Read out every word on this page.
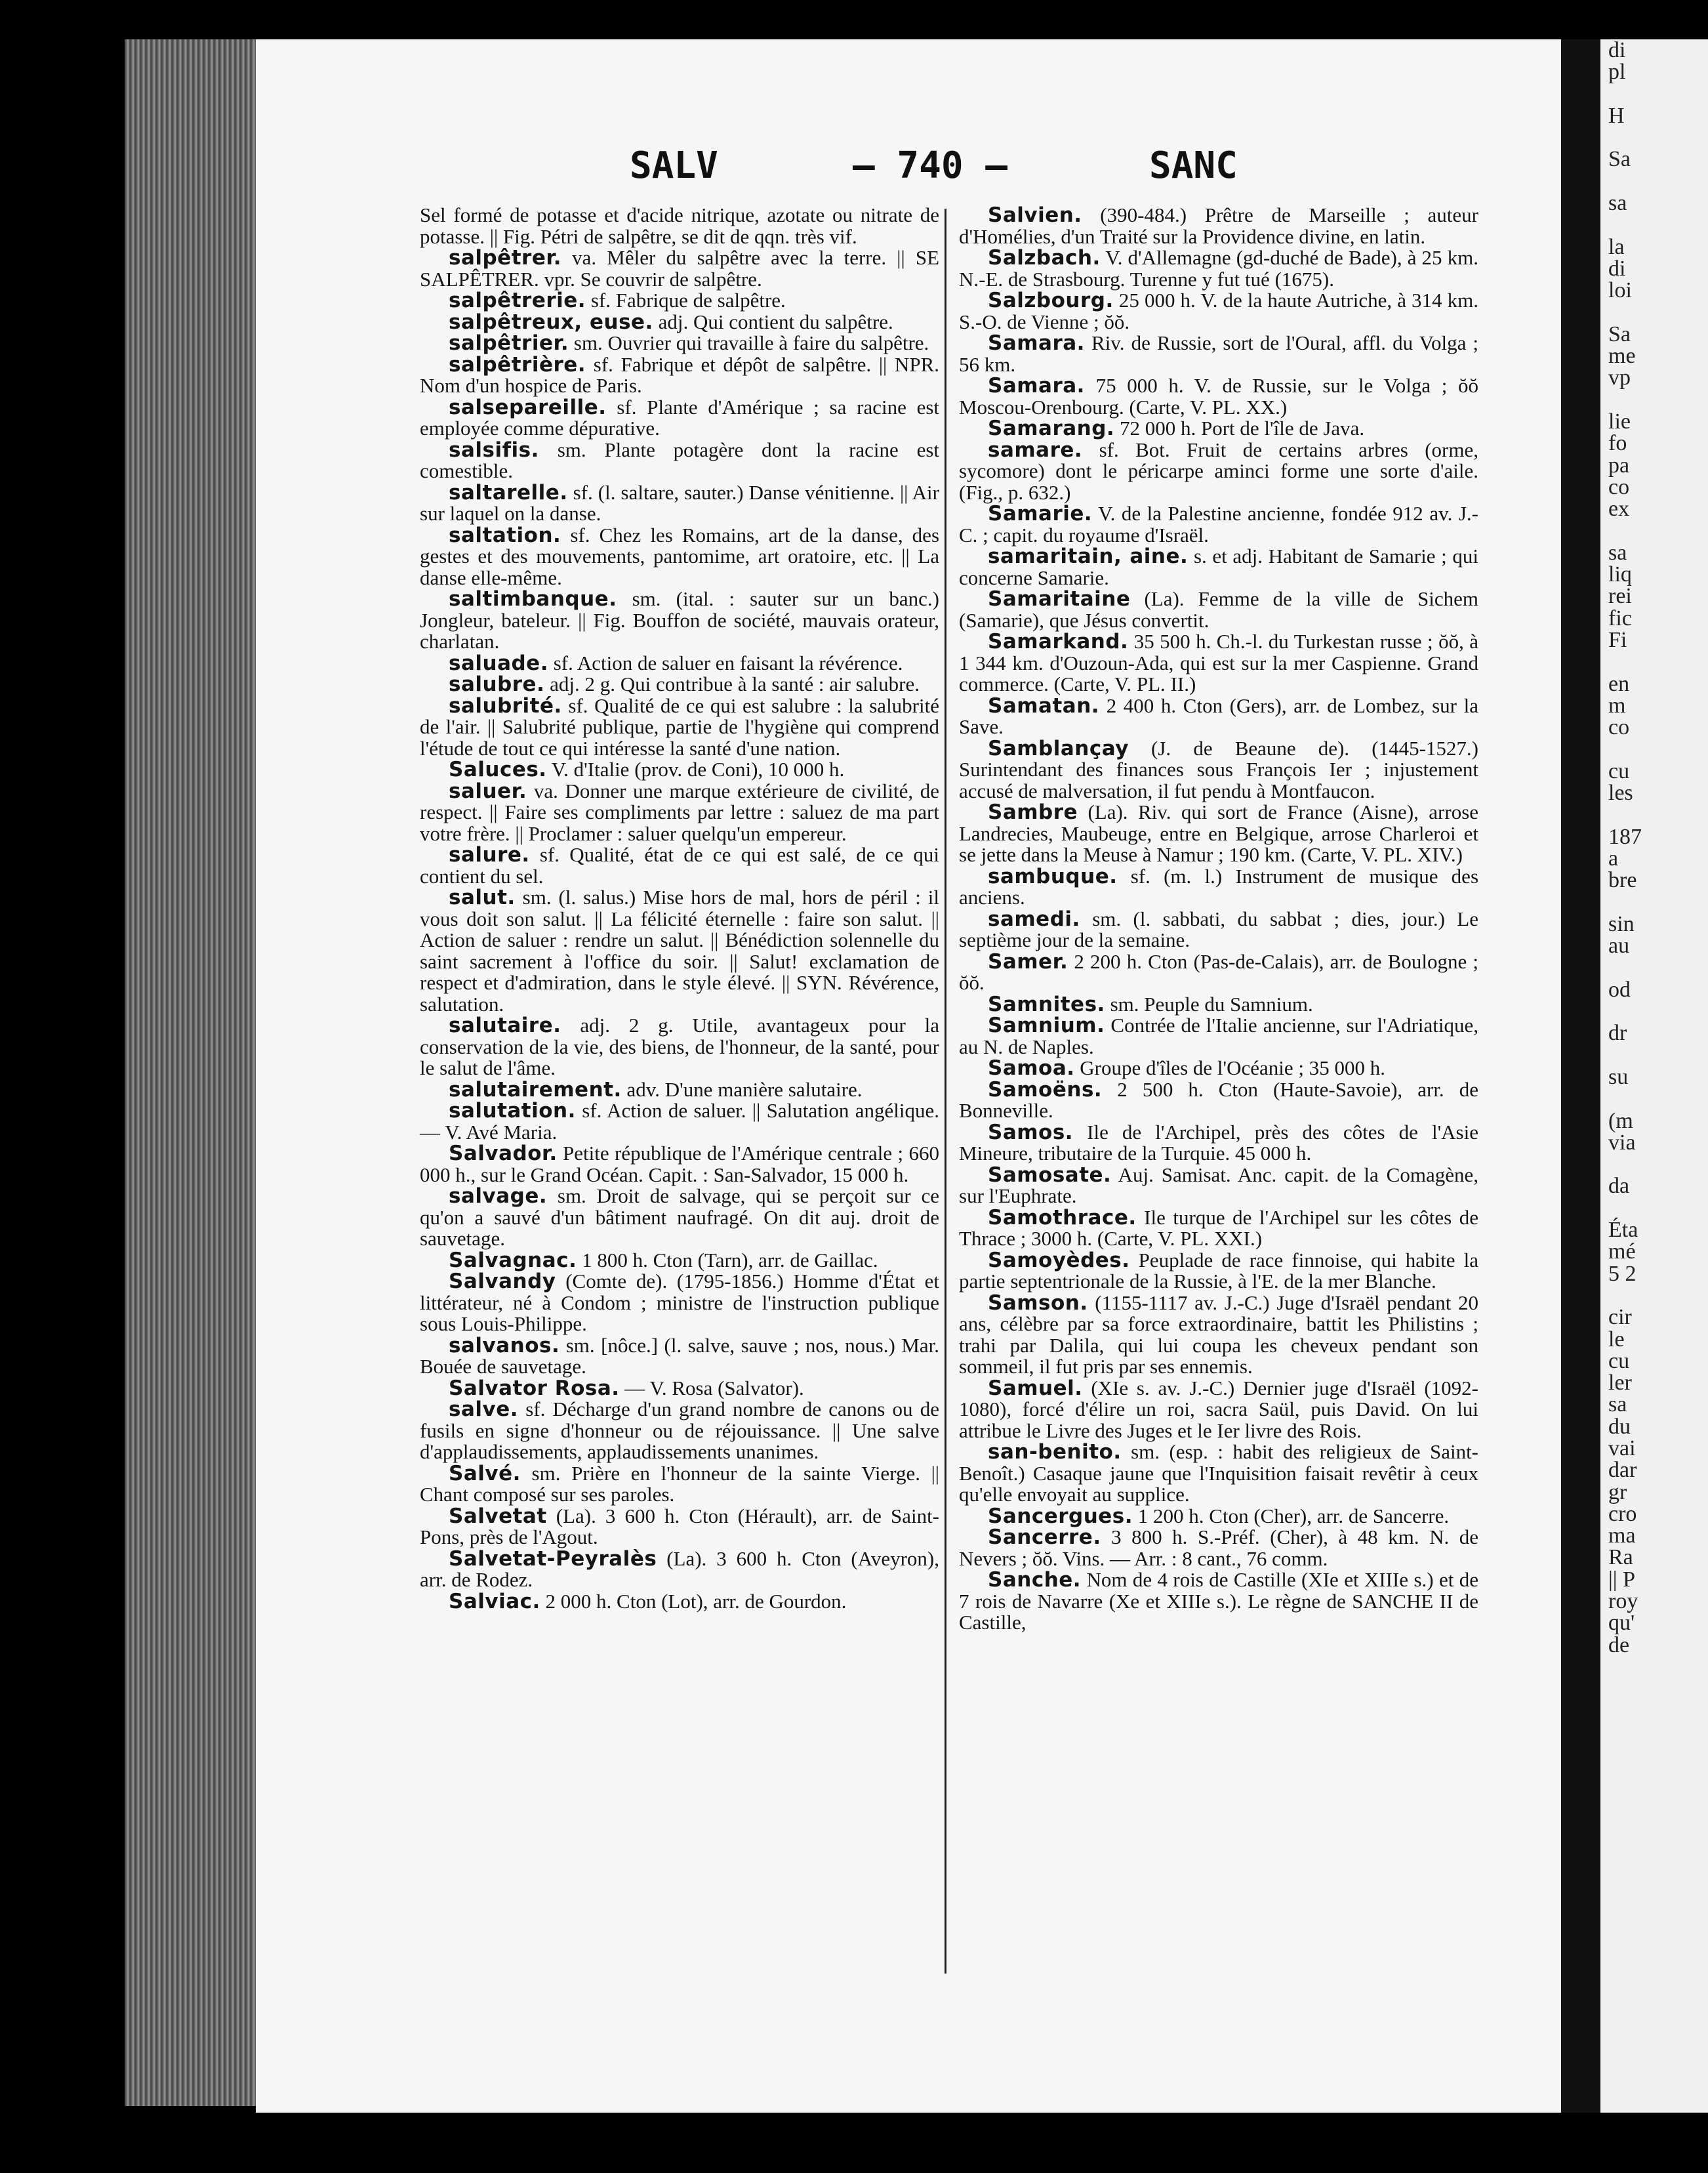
SALV	— 740 —	SANC

Sel formé de potasse et d'acide nitrique, azotate ou nitrate de potasse. || Fig. Pétri de salpêtre, se dit de qqn. très vif.

salpêtrer. va. Mêler du salpêtre avec la terre. || SE SALPÊTRER. vpr. Se couvrir de salpêtre.

salpêtrerie. sf. Fabrique de salpêtre.

salpêtreux, euse. adj. Qui contient du salpêtre.

salpêtrier. sm. Ouvrier qui travaille à faire du salpêtre.

salpêtrière. sf. Fabrique et dépôt de salpêtre. || NPR. Nom d'un hospice de Paris.

salsepareille. sf. Plante d'Amérique ; sa racine est employée comme dépurative.

salsifis. sm. Plante potagère dont la racine est comestible.

saltarelle. sf. (l. saltare, sauter.) Danse vénitienne. || Air sur laquel on la danse.

saltation. sf. Chez les Romains, art de la danse, des gestes et des mouvements, pantomime, art oratoire, etc. || La danse elle-même.

saltimbanque. sm. (ital. : sauter sur un banc.) Jongleur, bateleur. || Fig. Bouffon de société, mauvais orateur, charlatan.

saluade. sf. Action de saluer en faisant la révérence.

salubre. adj. 2 g. Qui contribue à la santé : air salubre.

salubrité. sf. Qualité de ce qui est salubre : la salubrité de l'air. || Salubrité publique, partie de l'hygiène qui comprend l'étude de tout ce qui intéresse la santé d'une nation.

Saluces. V. d'Italie (prov. de Coni), 10 000 h.

saluer. va. Donner une marque extérieure de civilité, de respect. || Faire ses compliments par lettre : saluez de ma part votre frère. || Proclamer : saluer quelqu'un empereur.

salure. sf. Qualité, état de ce qui est salé, de ce qui contient du sel.

salut. sm. (l. salus.) Mise hors de mal, hors de péril : il vous doit son salut. || La félicité éternelle : faire son salut. || Action de saluer : rendre un salut. || Bénédiction solennelle du saint sacrement à l'office du soir. || Salut! exclamation de respect et d'admiration, dans le style élevé. || SYN. Révérence, salutation.

salutaire. adj. 2 g. Utile, avantageux pour la conservation de la vie, des biens, de l'honneur, de la santé, pour le salut de l'âme.

salutairement. adv. D'une manière salutaire.

salutation. sf. Action de saluer. || Salutation angélique. — V. Avé Maria.

Salvador. Petite république de l'Amérique centrale ; 660 000 h., sur le Grand Océan. Capit. : San-Salvador, 15 000 h.

salvage. sm. Droit de salvage, qui se perçoit sur ce qu'on a sauvé d'un bâtiment naufragé. On dit auj. droit de sauvetage.

Salvagnac. 1 800 h. Cton (Tarn), arr. de Gaillac.

Salvandy (Comte de). (1795-1856.) Homme d'État et littérateur, né à Condom ; ministre de l'instruction publique sous Louis-Philippe.

salvanos. sm. [nôce.] (l. salve, sauve ; nos, nous.) Mar. Bouée de sauvetage.

Salvator Rosa. — V. Rosa (Salvator).

salve. sf. Décharge d'un grand nombre de canons ou de fusils en signe d'honneur ou de réjouissance. || Une salve d'applaudissements, applaudissements unanimes.

Salvé. sm. Prière en l'honneur de la sainte Vierge. || Chant composé sur ses paroles.

Salvetat (La). 3 600 h. Cton (Hérault), arr. de Saint-Pons, près de l'Agout.

Salvetat-Peyralès (La). 3 600 h. Cton (Aveyron), arr. de Rodez.

Salviac. 2 000 h. Cton (Lot), arr. de Gourdon.

Salvien. (390-484.) Prêtre de Marseille ; auteur d'Homélies, d'un Traité sur la Providence divine, en latin.

Salzbach. V. d'Allemagne (gd-duché de Bade), à 25 km. N.-E. de Strasbourg. Turenne y fut tué (1675).

Salzbourg. 25 000 h. V. de la haute Autriche, à 314 km. S.-O. de Vienne ; ŏŏ.

Samara. Riv. de Russie, sort de l'Oural, affl. du Volga ; 56 km.

Samara. 75 000 h. V. de Russie, sur le Volga ; ŏŏ Moscou-Orenbourg. (Carte, V. PL. XX.)

Samarang. 72 000 h. Port de l'île de Java.

samare. sf. Bot. Fruit de certains arbres (orme, sycomore) dont le péricarpe aminci forme une sorte d'aile. (Fig., p. 632.)

Samarie. V. de la Palestine ancienne, fondée 912 av. J.-C. ; capit. du royaume d'Israël.

samaritain, aine. s. et adj. Habitant de Samarie ; qui concerne Samarie.

Samaritaine (La). Femme de la ville de Sichem (Samarie), que Jésus convertit.

Samarkand. 35 500 h. Ch.-l. du Turkestan russe ; ŏŏ, à 1 344 km. d'Ouzoun-Ada, qui est sur la mer Caspienne. Grand commerce. (Carte, V. PL. II.)

Samatan. 2 400 h. Cton (Gers), arr. de Lombez, sur la Save.

Samblançay (J. de Beaune de). (1445-1527.) Surintendant des finances sous François Ier ; injustement accusé de malversation, il fut pendu à Montfaucon.

Sambre (La). Riv. qui sort de France (Aisne), arrose Landrecies, Maubeuge, entre en Belgique, arrose Charleroi et se jette dans la Meuse à Namur ; 190 km. (Carte, V. PL. XIV.)

sambuque. sf. (m. l.) Instrument de musique des anciens.

samedi. sm. (l. sabbati, du sabbat ; dies, jour.) Le septième jour de la semaine.

Samer. 2 200 h. Cton (Pas-de-Calais), arr. de Boulogne ; ŏŏ.

Samnites. sm. Peuple du Samnium.

Samnium. Contrée de l'Italie ancienne, sur l'Adriatique, au N. de Naples.

Samoa. Groupe d'îles de l'Océanie ; 35 000 h.

Samoëns. 2 500 h. Cton (Haute-Savoie), arr. de Bonneville.

Samos. Ile de l'Archipel, près des côtes de l'Asie Mineure, tributaire de la Turquie. 45 000 h.

Samosate. Auj. Samisat. Anc. capit. de la Comagène, sur l'Euphrate.

Samothrace. Ile turque de l'Archipel sur les côtes de Thrace ; 3000 h. (Carte, V. PL. XXI.)

Samoyèdes. Peuplade de race finnoise, qui habite la partie septentrionale de la Russie, à l'E. de la mer Blanche.

Samson. (1155-1117 av. J.-C.) Juge d'Israël pendant 20 ans, célèbre par sa force extraordinaire, battit les Philistins ; trahi par Dalila, qui lui coupa les cheveux pendant son sommeil, il fut pris par ses ennemis.

Samuel. (XIe s. av. J.-C.) Dernier juge d'Israël (1092-1080), forcé d'élire un roi, sacra Saül, puis David. On lui attribue le Livre des Juges et le Ier livre des Rois.

san-benito. sm. (esp. : habit des religieux de Saint-Benoît.) Casaque jaune que l'Inquisition faisait revêtir à ceux qu'elle envoyait au supplice.

Sancergues. 1 200 h. Cton (Cher), arr. de Sancerre.

Sancerre. 3 800 h. S.-Préf. (Cher), à 48 km. N. de Nevers ; ŏŏ. Vins. — Arr. : 8 cant., 76 comm.

Sanche. Nom de 4 rois de Castille (XIe et XIIIe s.) et de 7 rois de Navarre (Xe et XIIIe s.). Le règne de SANCHE II de Castille,

di
pl

H

Sa

sa

la
di
loi

Sa
me
vp

lie
fo
pa
co
ex

sa
liq
rei
fic
Fi

en
m
co

cu
les

187
a
bre

sin
au

od

dr

su

(m
via

da

Éta
mé
5 2

cir
le
cu
ler
sa
du
vai
dar
gr
cro
ma
Ra
|| P
roy
qu'
de
